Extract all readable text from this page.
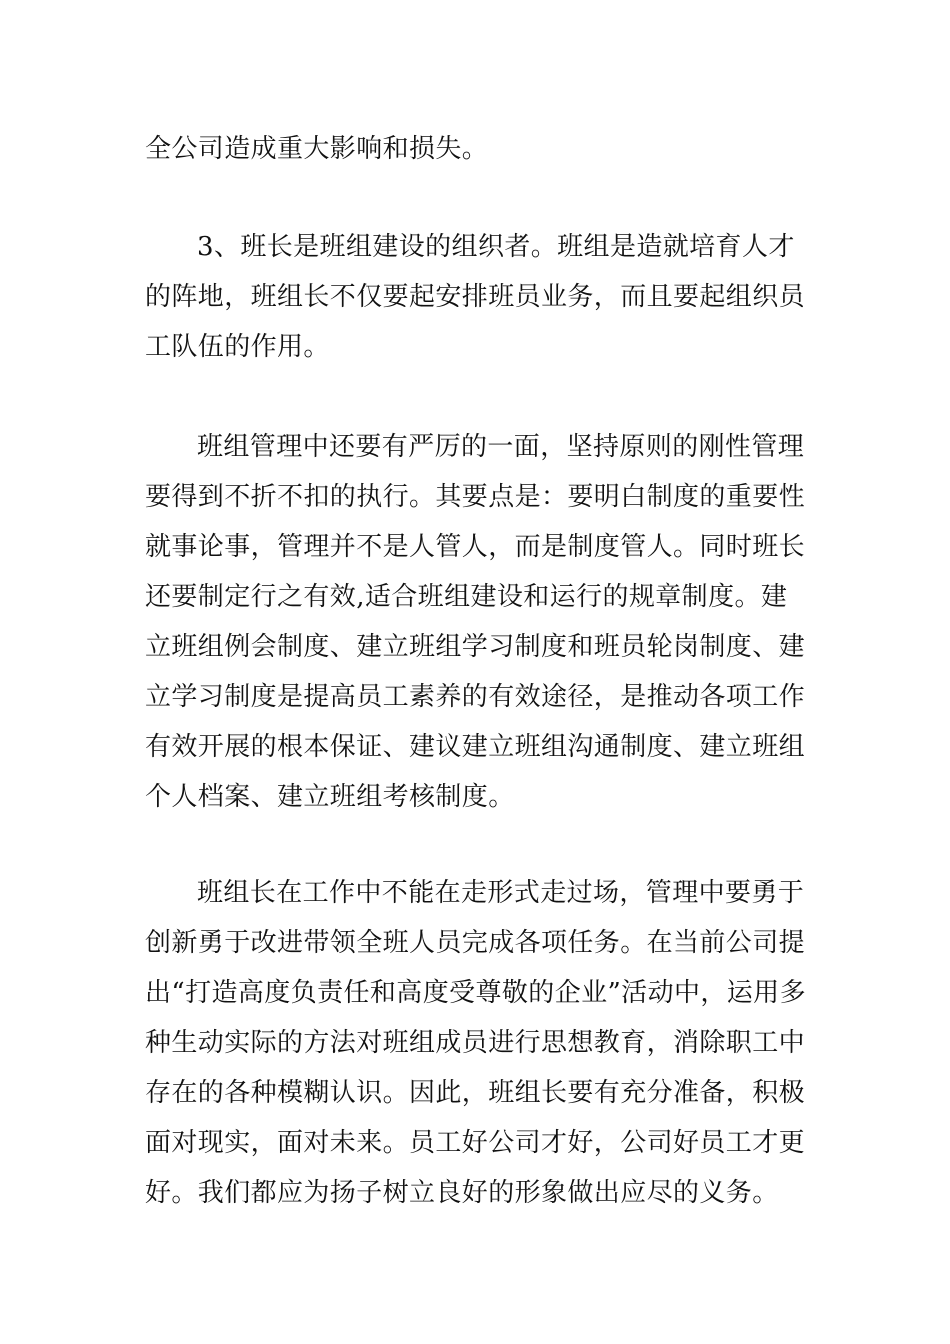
全公司造成重大影响和损失。

3、班长是班组建设的组织者。班组是造就培育人才的阵地，班组长不仅要起安排班员业务，而且要起组织员工队伍的作用。

班组管理中还要有严厉的一面，坚持原则的刚性管理要得到不折不扣的执行。其要点是：要明白制度的重要性就事论事，管理并不是人管人，而是制度管人。同时班长还要制定行之有效,适合班组建设和运行的规章制度。建立班组例会制度、建立班组学习制度和班员轮岗制度、建立学习制度是提高员工素养的有效途径，是推动各项工作有效开展的根本保证、建议建立班组沟通制度、建立班组个人档案、建立班组考核制度。

班组长在工作中不能在走形式走过场，管理中要勇于创新勇于改进带领全班人员完成各项任务。在当前公司提出“打造高度负责任和高度受尊敬的企业”活动中，运用多种生动实际的方法对班组成员进行思想教育，消除职工中存在的各种模糊认识。因此，班组长要有充分准备，积极面对现实，面对未来。员工好公司才好，公司好员工才更好。我们都应为扬子树立良好的形象做出应尽的义务。
